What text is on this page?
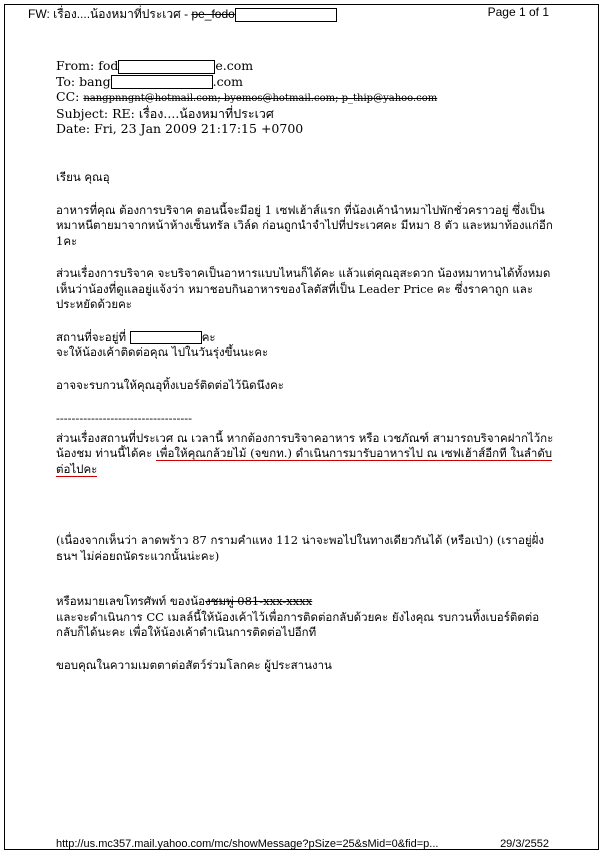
FW: เรื่อง....น้องหมาที่ประเวศ - pe_fodo	Page 1 of 1
From: fod	e.com
To: bang	.com
CC: nangpnngnt@hotmail.com; byemos@hotmail.com; p_thip@yahoo.com
Subject: RE: เรื่อง....น้องหมาที่ประเวศ
Date: Fri, 23 Jan 2009 21:17:15 +0700

เรียน คุณอุ

อาหารที่คุณ ต้องการบริจาค ตอนนี้จะมีอยู่ 1 เซฟเฮ้าส์แรก ที่น้องเค้านำหมาไปพักชั่วคราวอยู่ ซึ่งเป็นหมาหนีตายมาจากหน้าห้างเซ็นทรัล เวิล์ด ก่อนถูกนำจำไปที่ประเวศคะ มีหมา 8 ตัว และหมาท้องแก่อีก 1คะ

ส่วนเรื่องการบริจาค จะบริจาคเป็นอาหารแบบไหนก็ได้คะ แล้วแต่คุณอุสะดวก น้องหมาทานได้ทั้งหมด เห็นว่าน้องที่ดูแลอยู่แจ้งว่า หมาชอบกินอาหารของโลตัสที่เป็น Leader Price คะ ซึ่งราคาถูก และประหยัดด้วยคะ

สถานที่จะอยู่ที่	คะ
จะให้น้องเค้าติดต่อคุณ ไปในวันรุ่งขึ้นนะคะ

อาจจะรบกวนให้คุณอุทิ้งเบอร์ติดต่อไว้นิดนึงคะ

-----------------------------------

ส่วนเรื่องสถานที่ประเวศ ณ เวลานี้ หากต้องการบริจาคอาหาร หรือ เวชภัณฑ์ สามารถบริจาคฝากไว้กะน้องชม ท่านนี้ได้คะ เพื่อให้คุณกล้วยไม้ (จขกท.) ดำเนินการมารับอาหารไป ณ เซฟเฮ้าส์อีกที ในลำดับต่อไปคะ

(เนื่องจากเห็นว่า ลาดพร้าว 87 กรามคำแหง 112 น่าจะพอไปในทางเดียวกันได้ (หรือเป่า) (เราอยู่ฝั่งธนฯ ไม่ค่อยถนัดระแวกนั้นน่ะคะ)

หรือหมายเลขโทรศัพท์ ของน้องชมพู่ 081-xxx-xxxx
และจะดำเนินการ CC เมลล์นี้ให้น้องเค้าไว้เพื่อการติดต่อกลับด้วยคะ ยังไงคุณ รบกวนทิ้งเบอร์ติดต่อกลับก็ได้นะคะ เพื่อให้น้องเค้าดำเนินการติดต่อไปอีกที

ขอบคุณในความเมตตาต่อสัตว์ร่วมโลกคะ ผู้ประสานงาน

http://us.mc357.mail.yahoo.com/mc/showMessage?pSize=25&sMid=0&fid=p...	29/3/2552
